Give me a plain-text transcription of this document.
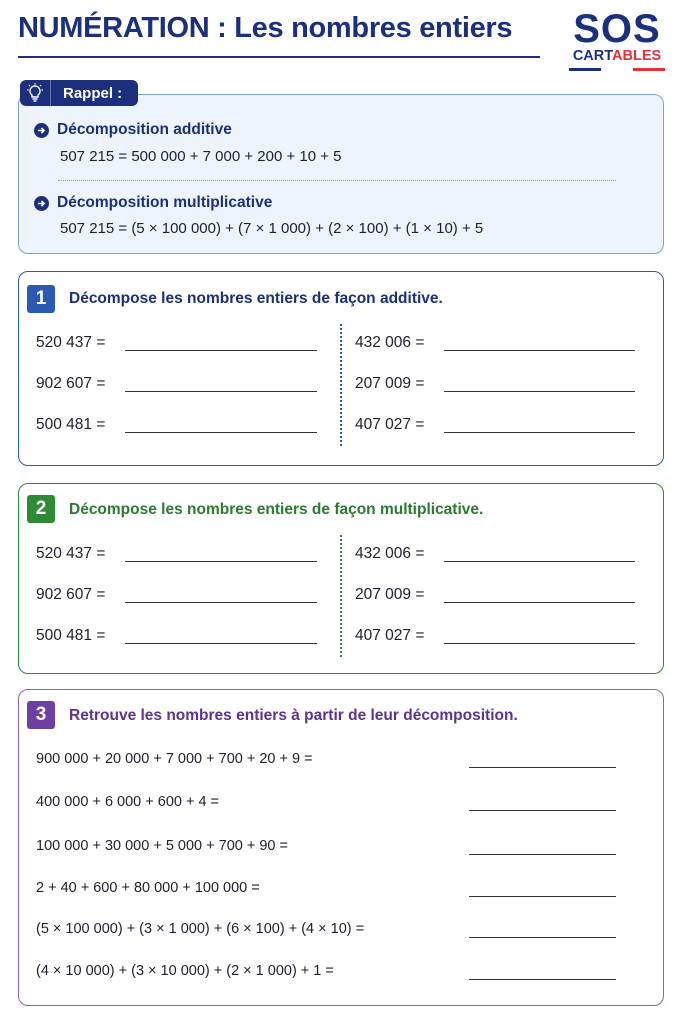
NUMÉRATION : Les nombres entiers SOS
CARTABLES
Rappel :
Décomposition additive
507 215 = 500 000 + 7 000 + 200 + 10 + 5
Décomposition multiplicative
507 215 = (5 × 100 000) + (7 × 1 000) + (2 × 100) + (1 × 10) + 5
1	Décompose les nombres entiers de façon additive.
520 437 =
902 607 =
500 481 =
432 006 =
207 009 =
407 027 =
2	Décompose les nombres entiers de façon multiplicative.
520 437 =
902 607 =
500 481 =
432 006 =
207 009 =
407 027 =
3	Retrouve les nombres entiers à partir de leur décomposition.
900 000 + 20 000 + 7 000 + 700 + 20 + 9 =
400 000 + 6 000 + 600 + 4 =
100 000 + 30 000 + 5 000 + 700 + 90 =
2 + 40 + 600 + 80 000 + 100 000 =
(5 × 100 000) + (3 × 1 000) + (6 × 100) + (4 × 10) =
(4 × 10 000) + (3 × 10 000) + (2 × 1 000) + 1 =
